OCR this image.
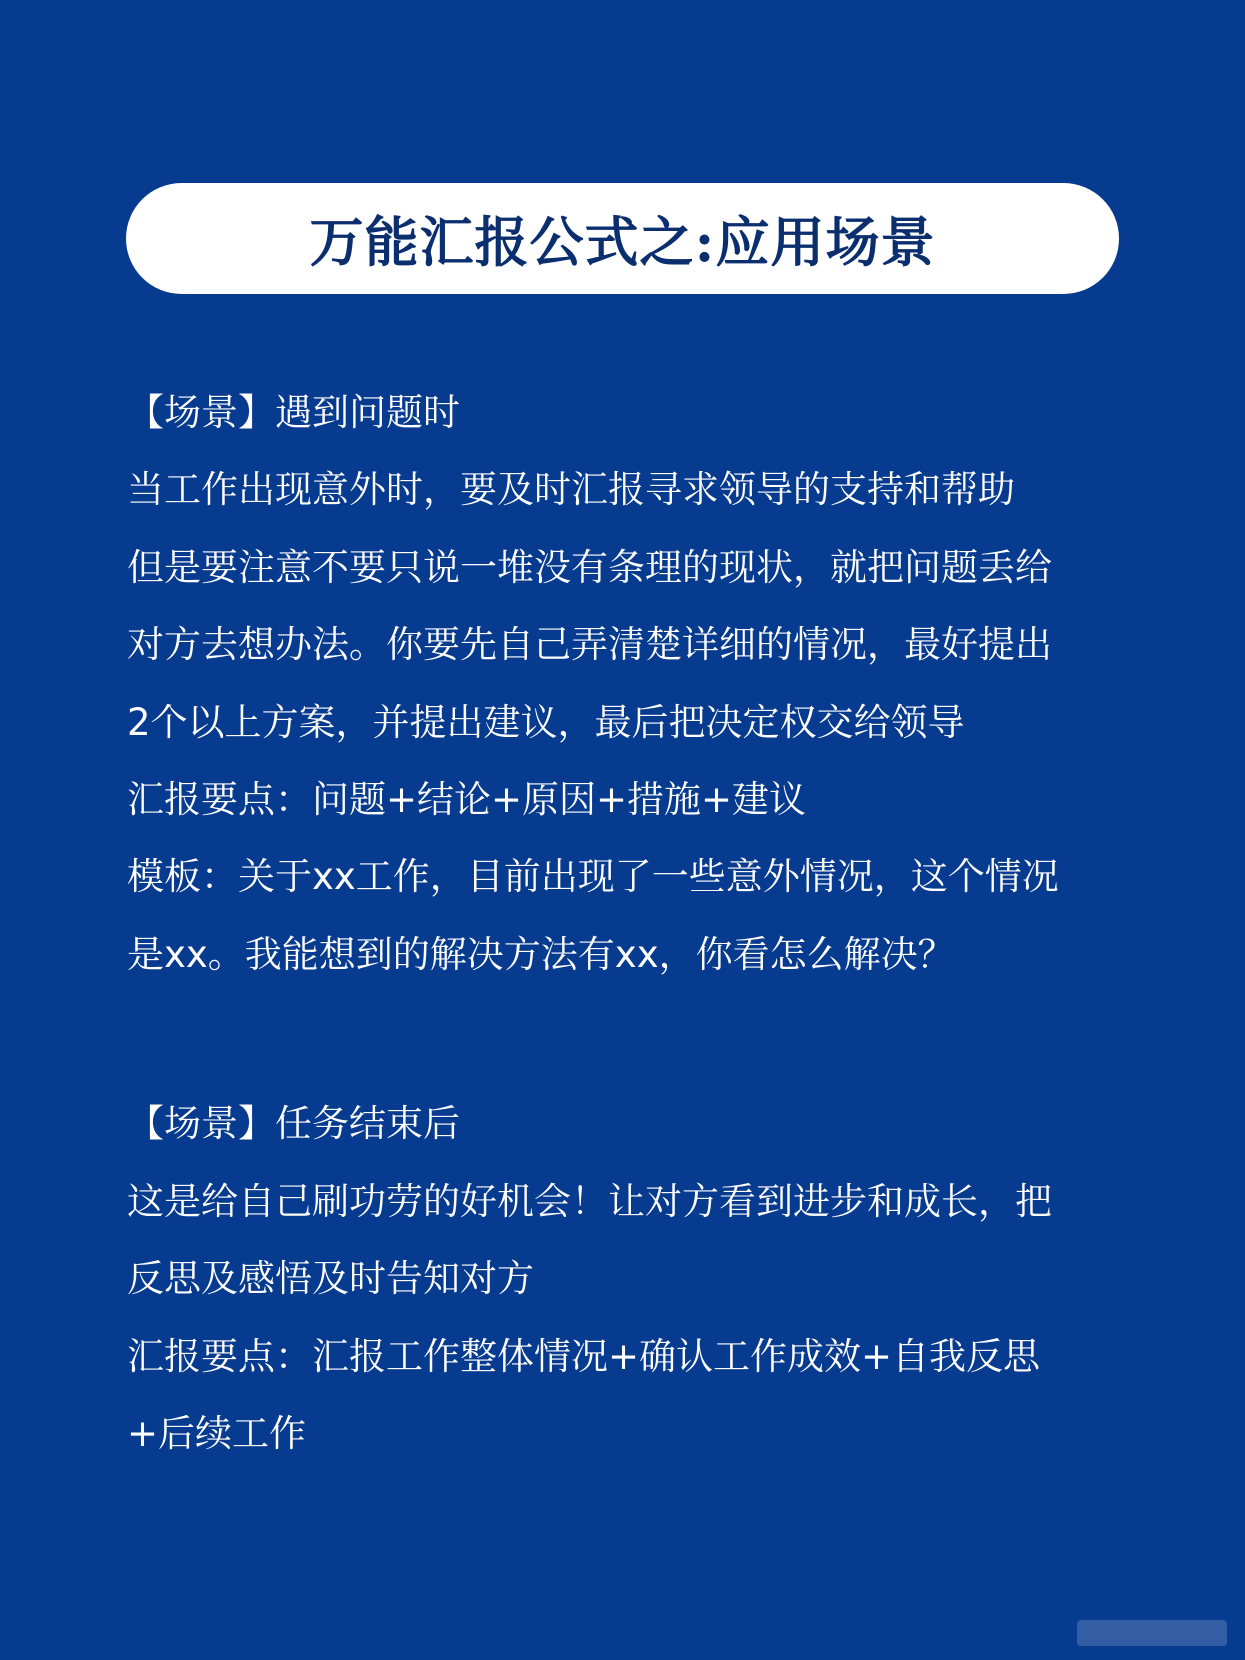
万能汇报公式之:应用场景
【场景】遇到问题时
当工作出现意外时，要及时汇报寻求领导的支持和帮助
但是要注意不要只说一堆没有条理的现状，就把问题丢给
对方去想办法。你要先自己弄清楚详细的情况，最好提出
2个以上方案，并提出建议，最后把决定权交给领导
汇报要点：问题+结论+原因+措施+建议
模板：关于xx工作，目前出现了一些意外情况，这个情况
是xx。我能想到的解决方法有xx，你看怎么解决？
【场景】任务结束后
这是给自己刷功劳的好机会！让对方看到进步和成长，把
反思及感悟及时告知对方
汇报要点：汇报工作整体情况+确认工作成效+自我反思
+后续工作
